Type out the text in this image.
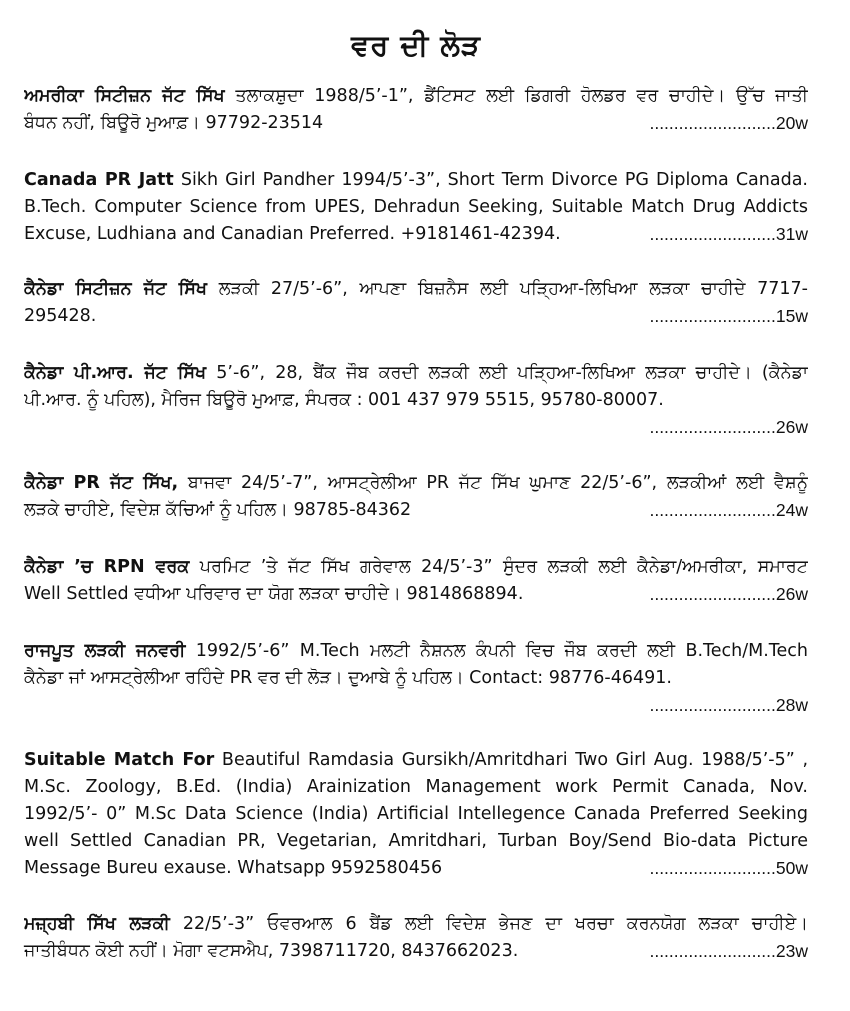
ਵਰ ਦੀ ਲੋੜ
ਅਮਰੀਕਾ ਸਿਟੀਜ਼ਨ ਜੱਟ ਸਿੱਖ ਤਲਾਕਸ਼ੁਦਾ 1988/5’-1”, ਡੈਂਟਿਸਟ ਲਈ ਡਿਗਰੀ ਹੋਲਡਰ ਵਰ ਚਾਹੀਦੇ। ਉੱਚ ਜਾਤੀ
ਬੰਧਨ ਨਹੀਂ, ਬਿਊਰੋ ਮੁਆਫ਼। 97792-23514	..........................20w
Canada PR Jatt Sikh Girl Pandher 1994/5’-3”, Short Term Divorce PG Diploma Canada.
B.Tech. Computer Science from UPES, Dehradun Seeking, Suitable Match Drug Addicts
Excuse, Ludhiana and Canadian Preferred. +9181461-42394.	..........................31w
ਕੈਨੇਡਾ ਸਿਟੀਜ਼ਨ ਜੱਟ ਸਿੱਖ ਲੜਕੀ 27/5’-6”, ਆਪਣਾ ਬਿਜ਼ਨੈਸ ਲਈ ਪੜ੍ਹਿਆ-ਲਿਖਿਆ ਲੜਕਾ ਚਾਹੀਦੇ 7717-
295428.	..........................15w
ਕੈਨੇਡਾ ਪੀ.ਆਰ. ਜੱਟ ਸਿੱਖ 5’-6”, 28, ਬੈਂਕ ਜੌਬ ਕਰਦੀ ਲੜਕੀ ਲਈ ਪੜ੍ਹਿਆ-ਲਿਖਿਆ ਲੜਕਾ ਚਾਹੀਦੇ। (ਕੈਨੇਡਾ
ਪੀ.ਆਰ. ਨੂੰ ਪਹਿਲ), ਮੈਰਿਜ ਬਿਊਰੋ ਮੁਆਫ਼, ਸੰਪਰਕ : 001 437 979 5515, 95780-80007.
..........................26w
ਕੈਨੇਡਾ PR ਜੱਟ ਸਿੱਖ, ਬਾਜਵਾ 24/5’-7”, ਆਸਟ੍ਰੇਲੀਆ PR ਜੱਟ ਸਿੱਖ ਘੁਮਾਣ 22/5’-6”, ਲੜਕੀਆਂ ਲਈ ਵੈਸ਼ਨੂੰ
ਲੜਕੇ ਚਾਹੀਏ, ਵਿਦੇਸ਼ ਕੱਚਿਆਂ ਨੂੰ ਪਹਿਲ। 98785-84362	..........................24w
ਕੈਨੇਡਾ ’ਚ RPN ਵਰਕ ਪਰਮਿਟ ’ਤੇ ਜੱਟ ਸਿੱਖ ਗਰੇਵਾਲ 24/5’-3” ਸੁੰਦਰ ਲੜਕੀ ਲਈ ਕੈਨੇਡਾ/ਅਮਰੀਕਾ, ਸਮਾਰਟ
Well Settled ਵਧੀਆ ਪਰਿਵਾਰ ਦਾ ਯੋਗ ਲੜਕਾ ਚਾਹੀਦੇ। 9814868894.	..........................26w
ਰਾਜਪੂਤ ਲੜਕੀ ਜਨਵਰੀ 1992/5’-6” M.Tech ਮਲਟੀ ਨੈਸ਼ਨਲ ਕੰਪਨੀ ਵਿਚ ਜੌਬ ਕਰਦੀ ਲਈ B.Tech/M.Tech
ਕੈਨੇਡਾ ਜਾਂ ਆਸਟ੍ਰੇਲੀਆ ਰਹਿੰਦੇ PR ਵਰ ਦੀ ਲੋੜ। ਦੁਆਬੇ ਨੂੰ ਪਹਿਲ। Contact: 98776-46491.
..........................28w
Suitable Match For Beautiful Ramdasia Gursikh/Amritdhari Two Girl Aug. 1988/5’-5” ,
M.Sc. Zoology, B.Ed. (India) Arainization Management work Permit Canada, Nov.
1992/5’- 0” M.Sc Data Science (India) Artificial Intellegence Canada Preferred Seeking
well Settled Canadian PR, Vegetarian, Amritdhari, Turban Boy/Send Bio-data Picture
Message Bureu exause. Whatsapp 9592580456	..........................50w
ਮਜ਼੍ਹਬੀ ਸਿੱਖ ਲੜਕੀ 22/5’-3” ਓਵਰਆਲ 6 ਬੈਂਡ ਲਈ ਵਿਦੇਸ਼ ਭੇਜਣ ਦਾ ਖਰਚਾ ਕਰਨਯੋਗ ਲੜਕਾ ਚਾਹੀਏ।
ਜਾਤੀਬੰਧਨ ਕੋਈ ਨਹੀਂ। ਮੋਗਾ ਵਟਸਐਪ, 7398711720, 8437662023.	..........................23w
